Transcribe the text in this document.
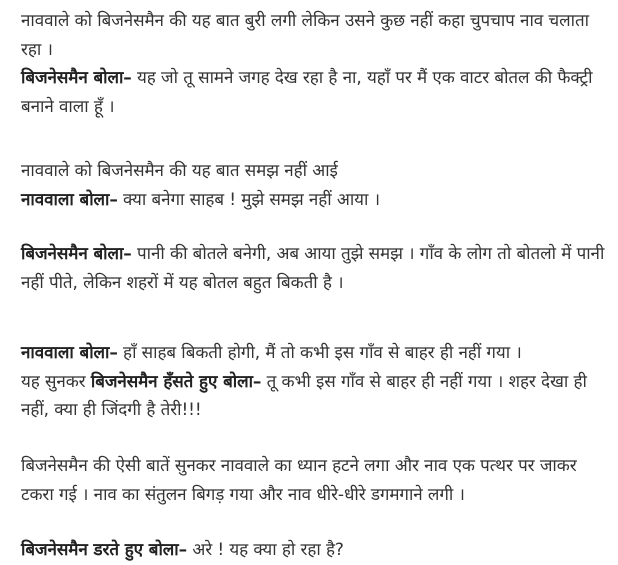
नाववाले को बिजनेसमैन की यह बात बुरी लगी लेकिन उसने कुछ नहीं कहा चुपचाप नाव चलाता रहा ।
बिजनेसमैन बोला– यह जो तू सामने जगह देख रहा है ना, यहाँ पर मैं एक वाटर बोतल की फैक्ट्री बनाने वाला हूँ ।

नाववाले को बिजनेसमैन की यह बात समझ नहीं आई
नाववाला बोला– क्या बनेगा साहब ! मुझे समझ नहीं आया ।

बिजनेसमैन बोला– पानी की बोतले बनेगी, अब आया तुझे समझ । गाँव के लोग तो बोतलो में पानी नहीं पीते, लेकिन शहरों में यह बोतल बहुत बिकती है ।

नाववाला बोला– हाँ साहब बिकती होगी, मैं तो कभी इस गाँव से बाहर ही नहीं गया ।
यह सुनकर बिजनेसमैन हँसते हुए बोला– तू कभी इस गाँव से बाहर ही नहीं गया । शहर देखा ही नहीं, क्या ही जिंदगी है तेरी!!!

बिजनेसमैन की ऐसी बातें सुनकर नाववाले का ध्यान हटने लगा और नाव एक पत्थर पर जाकर टकरा गई । नाव का संतुलन बिगड़ गया और नाव धीरे-धीरे डगमगाने लगी ।

बिजनेसमैन डरते हुए बोला– अरे ! यह क्या हो रहा है?
